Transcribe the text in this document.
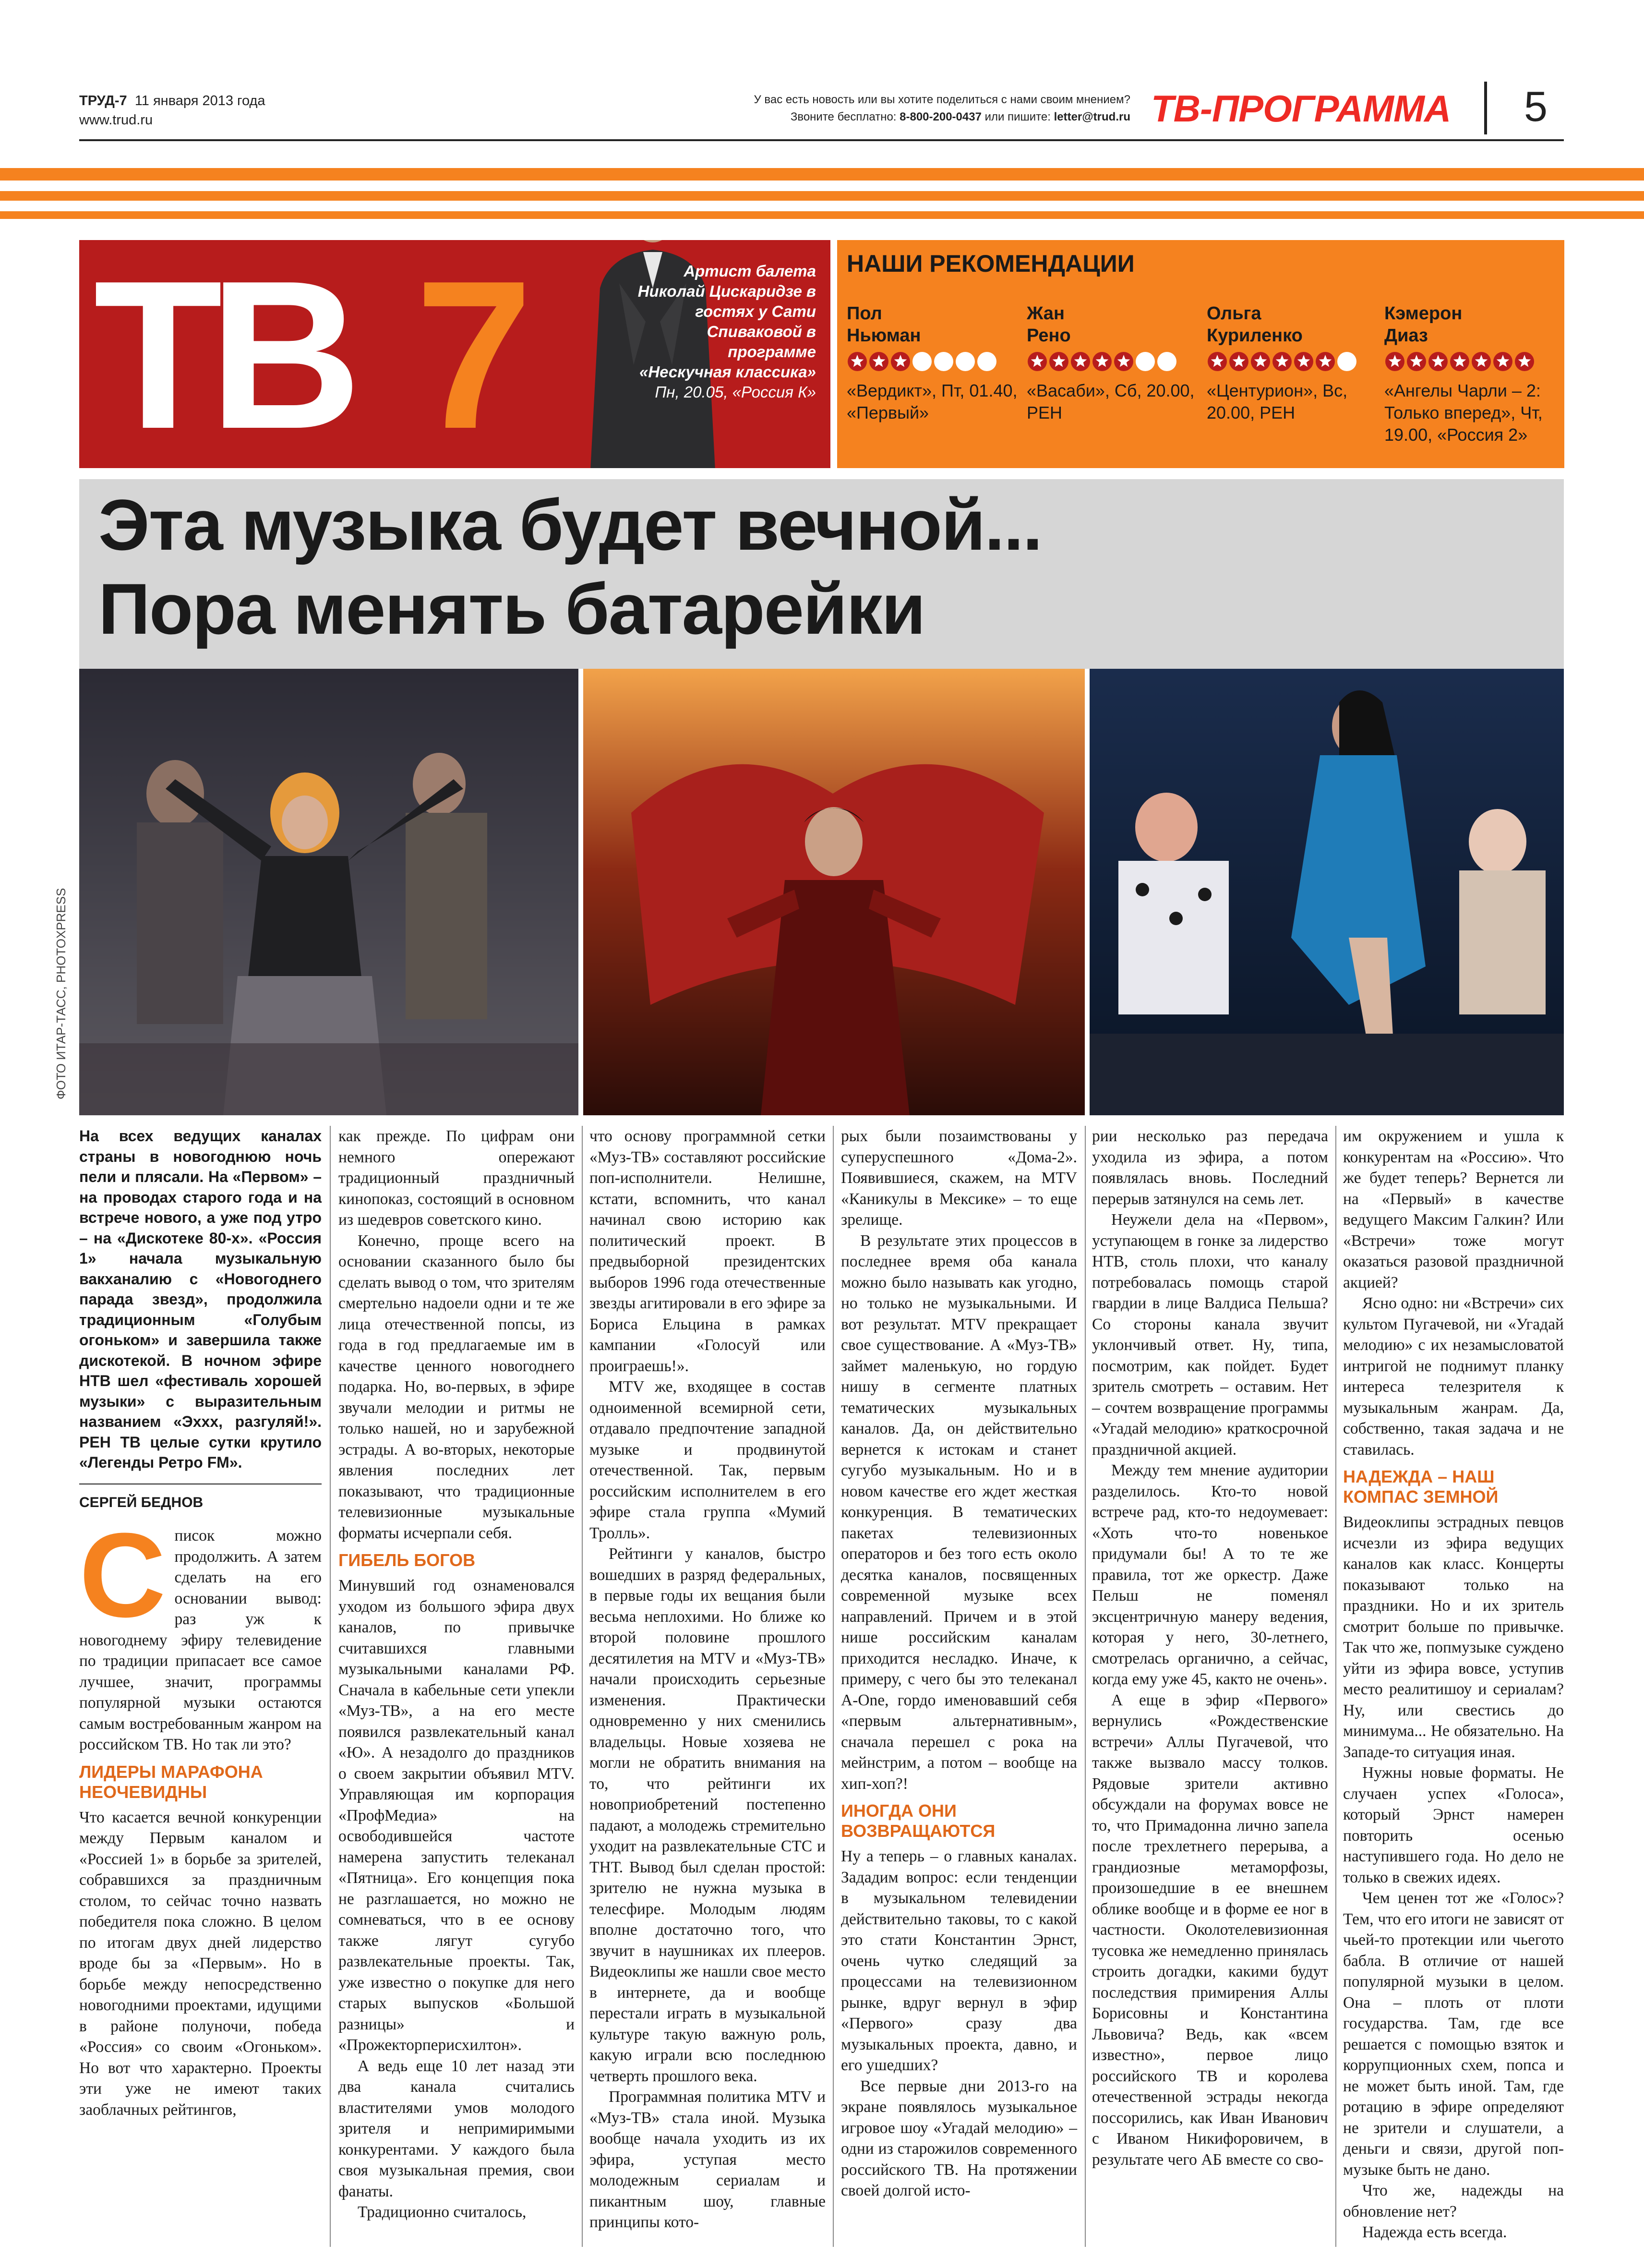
ТРУД-7 11 января 2013 года
www.trud.ru
У вас есть новость или вы хотите поделиться с нами своим мнением?
Звоните бесплатно: 8-800-200-0437 или пишите: letter@trud.ru ТВ-ПРОГРАММА 5
ТВ 7	Артист балета Николай Цискаридзе в гостях у Сати Спиваковой в программе «Нескучная классика»
Пн, 20.05, «Россия К»
НАШИ РЕКОМЕНДАЦИИ
Пол
Ньюман
«Вердикт», Пт, 01.40, «Первый»
Жан
Рено
«Васаби», Сб, 20.00, РЕН
Ольга
Куриленко
«Центурион», Вс, 20.00, РЕН
Кэмерон
Диаз
«Ангелы Чарли – 2: Только вперед», Чт, 19.00, «Россия 2»
Эта музыка будет вечной...
Пора менять батарейки
ФОТО ИТАР-ТАСС, PHOTOXPRESS

На всех ведущих каналах страны в новогоднюю ночь пели и плясали. На «Первом» – на проводах старого года и на встрече нового, а уже под утро – на «Дискотеке 80-х». «Россия 1» начала музыкальную вакханалию с «Новогоднего парада звезд», продолжила традиционным «Голубым огоньком» и завершила также дискотекой. В ночном эфире НТВ шел «фестиваль хорошей музыки» с выразительным названием «Эххх, разгуляй!». РЕН ТВ целые сутки крутило «Легенды Ретро FM».

СЕРГЕЙ БЕДНОВ

Список можно продолжить. А затем сделать на его основании вывод: раз уж к новогоднему эфиру телевидение по традиции припасает все самое лучшее, значит, программы популярной музыки остаются самым востребованным жанром на российском ТВ. Но так ли это?

ЛИДЕРЫ МАРАФОНА НЕОЧЕВИДНЫ

Что касается вечной конкуренции между Первым каналом и «Россией 1» в борьбе за зрителей, собравшихся за праздничным столом, то сейчас точно назвать победителя пока сложно. В целом по итогам двух дней лидерство вроде бы за «Первым». Но в борьбе между непосредственно новогодними проектами, идущими в районе полуночи, победа «Россия» со своим «Огоньком». Но вот что характерно. Проекты эти уже не имеют таких заоблачных рейтингов,

как прежде. По цифрам они немного опережают традиционный праздничный кинопоказ, состоящий в основном из шедевров советского кино.

Конечно, проще всего на основании сказанного было бы сделать вывод о том, что зрителям смертельно надоели одни и те же лица отечественной попсы, из года в год предлагаемые им в качестве ценного новогоднего подарка. Но, во-первых, в эфире звучали мелодии и ритмы не только нашей, но и зарубежной эстрады. А во-вторых, некоторые явления последних лет показывают, что традиционные телевизионные музыкальные форматы исчерпали себя.

ГИБЕЛЬ БОГОВ

Минувший год ознаменовался уходом из большого эфира двух каналов, по привычке считавшихся главными музыкальными каналами РФ. Сначала в кабельные сети упекли «Муз-ТВ», а на его месте появился развлекательный канал «Ю». А незадолго до праздников о своем закрытии объявил MTV. Управляющая им корпорация «ПрофМедиа» на освободившейся частоте намерена запустить телеканал «Пятница». Его концепция пока не разглашается, но можно не сомневаться, что в ее основу также лягут сугубо развлекательные проекты. Так, уже известно о покупке для него старых выпусков «Большой разницы» и «Прожекторперисхилтон».

А ведь еще 10 лет назад эти два канала считались властителями умов молодого зрителя и непримиримыми конкурентами. У каждого была своя музыкальная премия, свои фанаты.

Традиционно считалось,

что основу программной сетки «Муз-ТВ» составляют российские поп-исполнители. Нелишне, кстати, вспомнить, что канал начинал свою историю как политический проект. В предвыборной президентских выборов 1996 года отечественные звезды агитировали в его эфире за Бориса Ельцина в рамках кампании «Голосуй или проиграешь!».

MTV же, входящее в состав одноименной всемирной сети, отдавало предпочтение западной музыке и продвинутой отечественной. Так, первым российским исполнителем в его эфире стала группа «Мумий Тролль».

Рейтинги у каналов, быстро вошедших в разряд федеральных, в первые годы их вещания были весьма неплохими. Но ближе ко второй половине прошлого десятилетия на MTV и «Муз-ТВ» начали происходить серьезные изменения. Практически одновременно у них сменились владельцы. Новые хозяева не могли не обратить внимания на то, что рейтинги их новоприобретений постепенно падают, а молодежь стремительно уходит на развлекательные СТС и ТНТ. Вывод был сделан простой: зрителю не нужна музыка в телесфире. Молодым людям вполне достаточно того, что звучит в наушниках их плееров. Видеоклипы же нашли свое место в интернете, да и вообще перестали играть в музыкальной культуре такую важную роль, какую играли всю последнюю четверть прошлого века.

Программная политика MTV и «Муз-ТВ» стала иной. Музыка вообще начала уходить из их эфира, уступая место молодежным сериалам и пикантным шоу, главные принципы кото-

рых были позаимствованы у суперуспешного «Дома-2». Появившиеся, скажем, на MTV «Каникулы в Мексике» – то еще зрелище.

В результате этих процессов в последнее время оба канала можно было называть как угодно, но только не музыкальными. И вот результат. MTV прекращает свое существование. А «Муз-ТВ» займет маленькую, но гордую нишу в сегменте платных тематических музыкальных каналов. Да, он действительно вернется к истокам и станет сугубо музыкальным. Но и в новом качестве его ждет жесткая конкуренция. В тематических пакетах телевизионных операторов и без того есть около десятка каналов, посвященных современной музыке всех направлений. Причем и в этой нише российским каналам приходится несладко. Иначе, к примеру, с чего бы это телеканал A-One, гордо именовавший себя «первым альтернативным», сначала перешел с рока на мейнстрим, а потом – вообще на хип-хоп?!

ИНОГДА ОНИ ВОЗВРАЩАЮТСЯ

Ну а теперь – о главных каналах. Зададим вопрос: если тенденции в музыкальном телевидении действительно таковы, то с какой это стати Константин Эрнст, очень чутко следящий за процессами на телевизионном рынке, вдруг вернул в эфир «Первого» сразу два музыкальных проекта, давно, и его ушедших?

Все первые дни 2013-го на экране появлялось музыкальное игровое шоу «Угадай мелодию» – одни из старожилов современного российского ТВ. На протяжении своей долгой исто-

рии несколько раз передача уходила из эфира, а потом появлялась вновь. Последний перерыв затянулся на семь лет.

Неужели дела на «Первом», уступающем в гонке за лидерство НТВ, столь плохи, что каналу потребовалась помощь старой гвардии в лице Валдиса Пельша? Со стороны канала звучит уклончивый ответ. Ну, типа, посмотрим, как пойдет. Будет зритель смотреть – оставим. Нет – сочтем возвращение программы «Угадай мелодию» краткосрочной праздничной акцией.

Между тем мнение аудитории разделилось. Кто-то новой встрече рад, кто-то недоумевает: «Хоть что-то новенькое придумали бы! А то те же правила, тот же оркестр. Даже Пельш не поменял эксцентричную манеру ведения, которая у него, 30-летнего, смотрелась органично, а сейчас, когда ему уже 45, както не очень».

А еще в эфир «Первого» вернулись «Рождественские встречи» Аллы Пугачевой, что также вызвало массу толков. Рядовые зрители активно обсуждали на форумах вовсе не то, что Примадонна лично запела после трехлетнего перерыва, а грандиозные метаморфозы, произошедшие в ее внешнем облике вообще и в форме ее ног в частности. Околотелевизионная тусовка же немедленно принялась строить догадки, какими будут последствия примирения Аллы Борисовны и Константина Львовича? Ведь, как «всем известно», первое лицо российского ТВ и королева отечественной эстрады некогда поссорились, как Иван Иванович с Иваном Никифоровичем, в результате чего АБ вместе со сво-

им окружением и ушла к конкурентам на «Россию». Что же будет теперь? Вернется ли на «Первый» в качестве ведущего Максим Галкин? Или «Встречи» тоже могут оказаться разовой праздничной акцией?

Ясно одно: ни «Встречи» сих культом Пугачевой, ни «Угадай мелодию» с их незамысловатой интригой не поднимут планку интереса телезрителя к музыкальным жанрам. Да, собственно, такая задача и не ставилась.

НАДЕЖДА – НАШ КОМПАС ЗЕМНОЙ

Видеоклипы эстрадных певцов исчезли из эфира ведущих каналов как класс. Концерты показывают только на праздники. Но и их зритель смотрит больше по привычке. Так что же, попмузыке суждено уйти из эфира вовсе, уступив место реалитишоу и сериалам? Ну, или свестись до минимума... Не обязательно. На Западе-то ситуация иная.

Нужны новые форматы. Не случаен успех «Голоса», который Эрнст намерен повторить осенью наступившего года. Но дело не только в свежих идеях.

Чем ценен тот же «Голос»? Тем, что его итоги не зависят от чьей-то протекции или чьегото бабла. В отличие от нашей популярной музыки в целом. Она – плоть от плоти государства. Там, где все решается с помощью взяток и коррупционных схем, попса и не может быть иной. Там, где ротацию в эфире определяют не зрители и слушатели, а деньги и связи, другой поп-музыке быть не дано.

Что же, надежды на обновление нет?

Надежда есть всегда.
